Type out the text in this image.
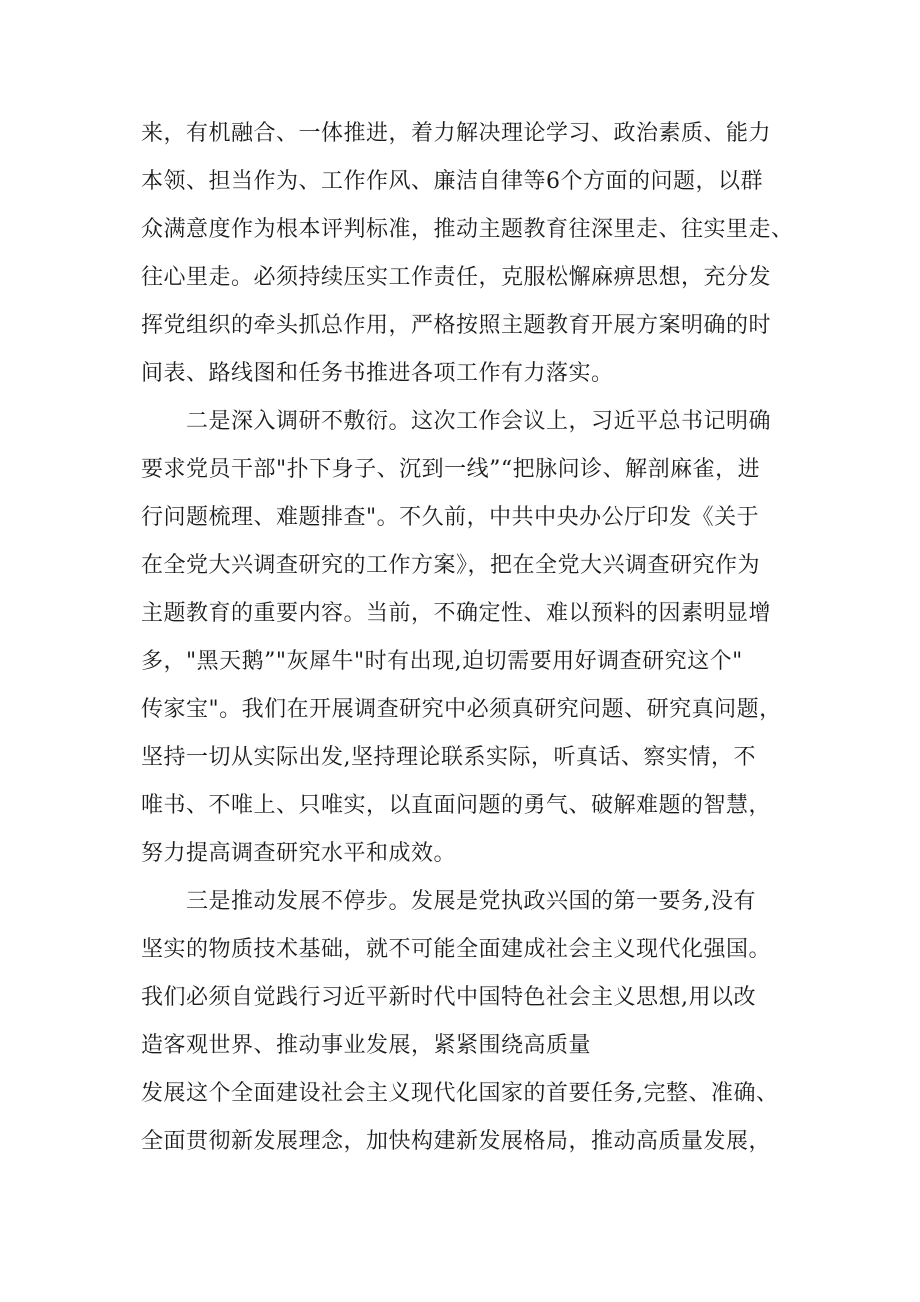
来，有机融合、一体推进，着力解决理论学习、政治素质、能力
本领、担当作为、工作作风、廉洁自律等6个方面的问题，以群
众满意度作为根本评判标准，推动主题教育往深里走、往实里走、
往心里走。必须持续压实工作责任，克服松懈麻痹思想，充分发
挥党组织的牵头抓总作用，严格按照主题教育开展方案明确的时
间表、路线图和任务书推进各项工作有力落实。
二是深入调研不敷衍。这次工作会议上，习近平总书记明确
要求党员干部"扑下身子、沉到一线”“把脉问诊、解剖麻雀，进
行问题梳理、难题排查"。不久前，中共中央办公厅印发《关于
在全党大兴调查研究的工作方案》，把在全党大兴调查研究作为
主题教育的重要内容。当前，不确定性、难以预料的因素明显增
多，"黑天鹅”"灰犀牛"时有出现,迫切需要用好调查研究这个"
传家宝"。我们在开展调查研究中必须真研究问题、研究真问题，
坚持一切从实际出发,坚持理论联系实际，听真话、察实情，不
唯书、不唯上、只唯实，以直面问题的勇气、破解难题的智慧，
努力提高调查研究水平和成效。
三是推动发展不停步。发展是党执政兴国的第一要务,没有
坚实的物质技术基础，就不可能全面建成社会主义现代化强国。
我们必须自觉践行习近平新时代中国特色社会主义思想,用以改
造客观世界、推动事业发展，紧紧围绕高质量
发展这个全面建设社会主义现代化国家的首要任务,完整、准确、
全面贯彻新发展理念，加快构建新发展格局，推动高质量发展，
